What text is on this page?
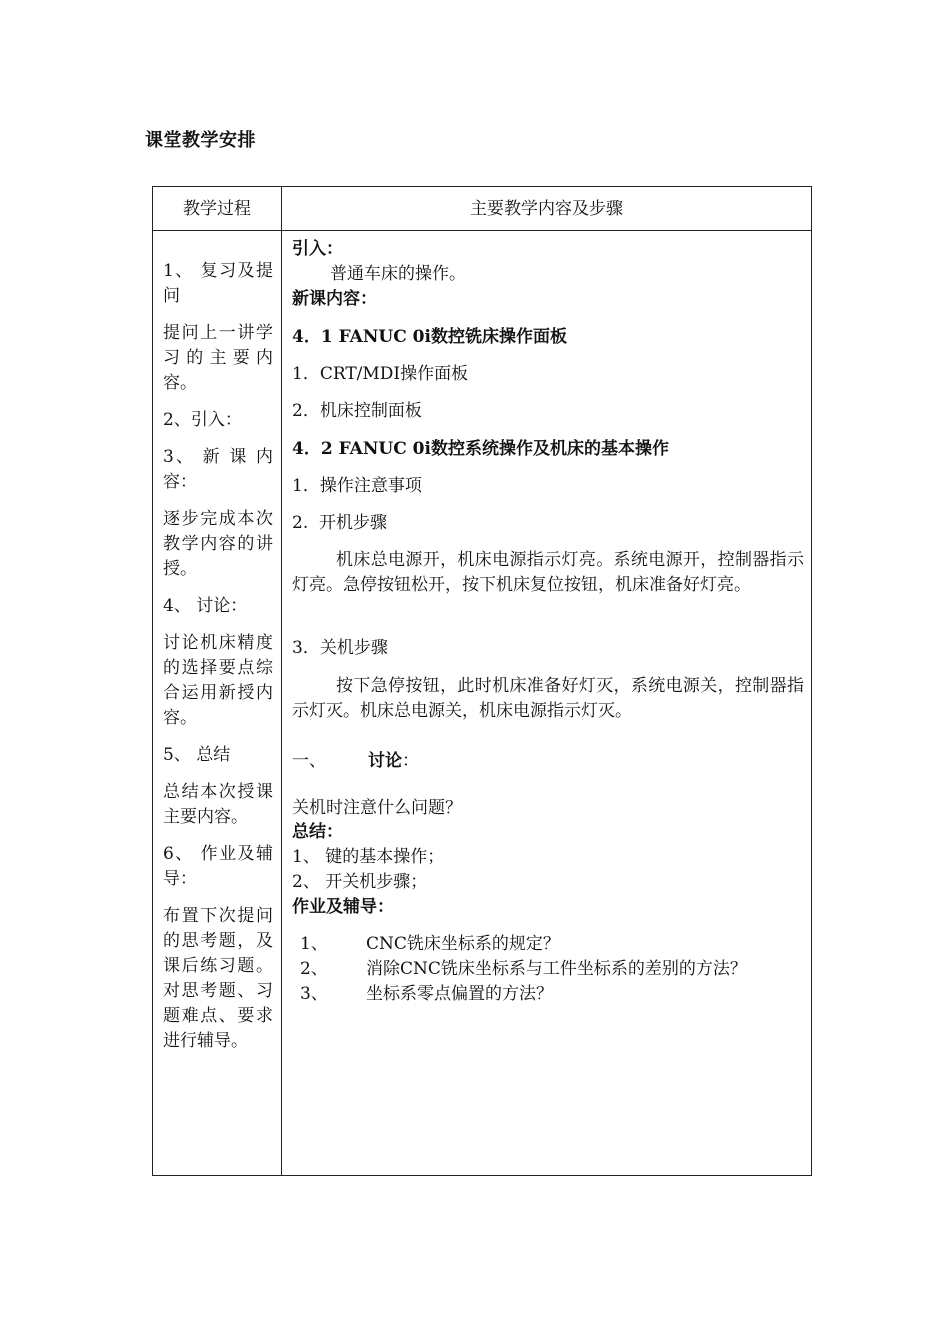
课堂教学安排
教学过程	主要教学内容及步骤
1、 复习及提问
提问上一讲学习的主要内容。
2、引入：
3、 新 课 内容：
逐步完成本次教学内容的讲授。
4、 讨论：
讨论机床精度的选择要点综合运用新授内容。
5、 总结
总结本次授课主要内容。
6、 作业及辅导：
布置下次提问的思考题，及课后练习题。对思考题、习题难点、要求进行辅导。
引入：
普通车床的操作。
新课内容：
4．1 FANUC 0i数控铣床操作面板
1．CRT/MDI操作面板
2．机床控制面板
4．2 FANUC 0i数控系统操作及机床的基本操作
1．操作注意事项
2.  开机步骤
机床总电源开，机床电源指示灯亮。系统电源开，控制器指示灯亮。急停按钮松开，按下机床复位按钮，机床准备好灯亮。
3．关机步骤
按下急停按钮，此时机床准备好灯灭，系统电源关，控制器指示灯灭。机床总电源关，机床电源指示灯灭。
一、 讨论：
关机时注意什么问题？
总结：
1、 键的基本操作；
2、 开关机步骤；
作业及辅导：
1、 CNC铣床坐标系的规定？
2、 消除CNC铣床坐标系与工件坐标系的差别的方法？
3、 坐标系零点偏置的方法？
